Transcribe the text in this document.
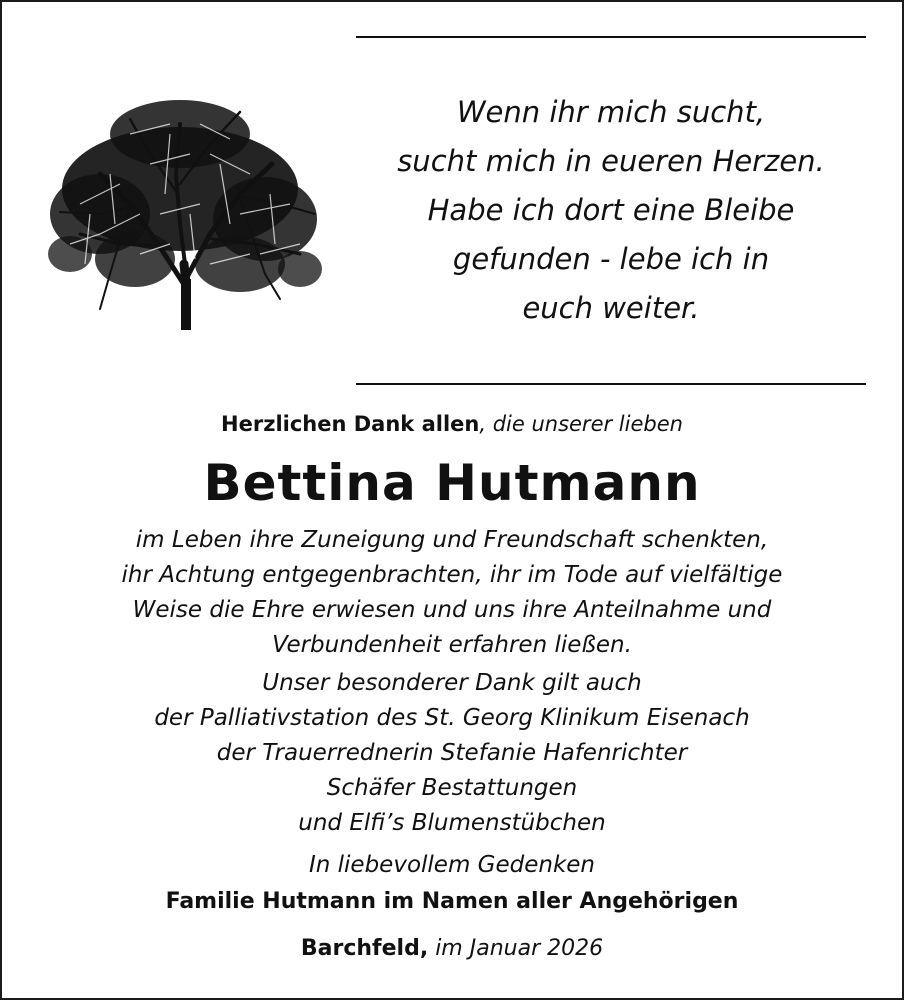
Wenn ihr mich sucht,
sucht mich in eueren Herzen.
Habe ich dort eine Bleibe
gefunden - lebe ich in
euch weiter.
Herzlichen Dank allen, die unserer lieben
Bettina Hutmann
im Leben ihre Zuneigung und Freundschaft schenkten,
ihr Achtung entgegenbrachten, ihr im Tode auf vielfältige
Weise die Ehre erwiesen und uns ihre Anteilnahme und
Verbundenheit erfahren ließen.
Unser besonderer Dank gilt auch
der Palliativstation des St. Georg Klinikum Eisenach
der Trauerrednerin Stefanie Hafenrichter
Schäfer Bestattungen
und Elfi’s Blumenstübchen
In liebevollem Gedenken
Familie Hutmann im Namen aller Angehörigen
Barchfeld, im Januar 2026
